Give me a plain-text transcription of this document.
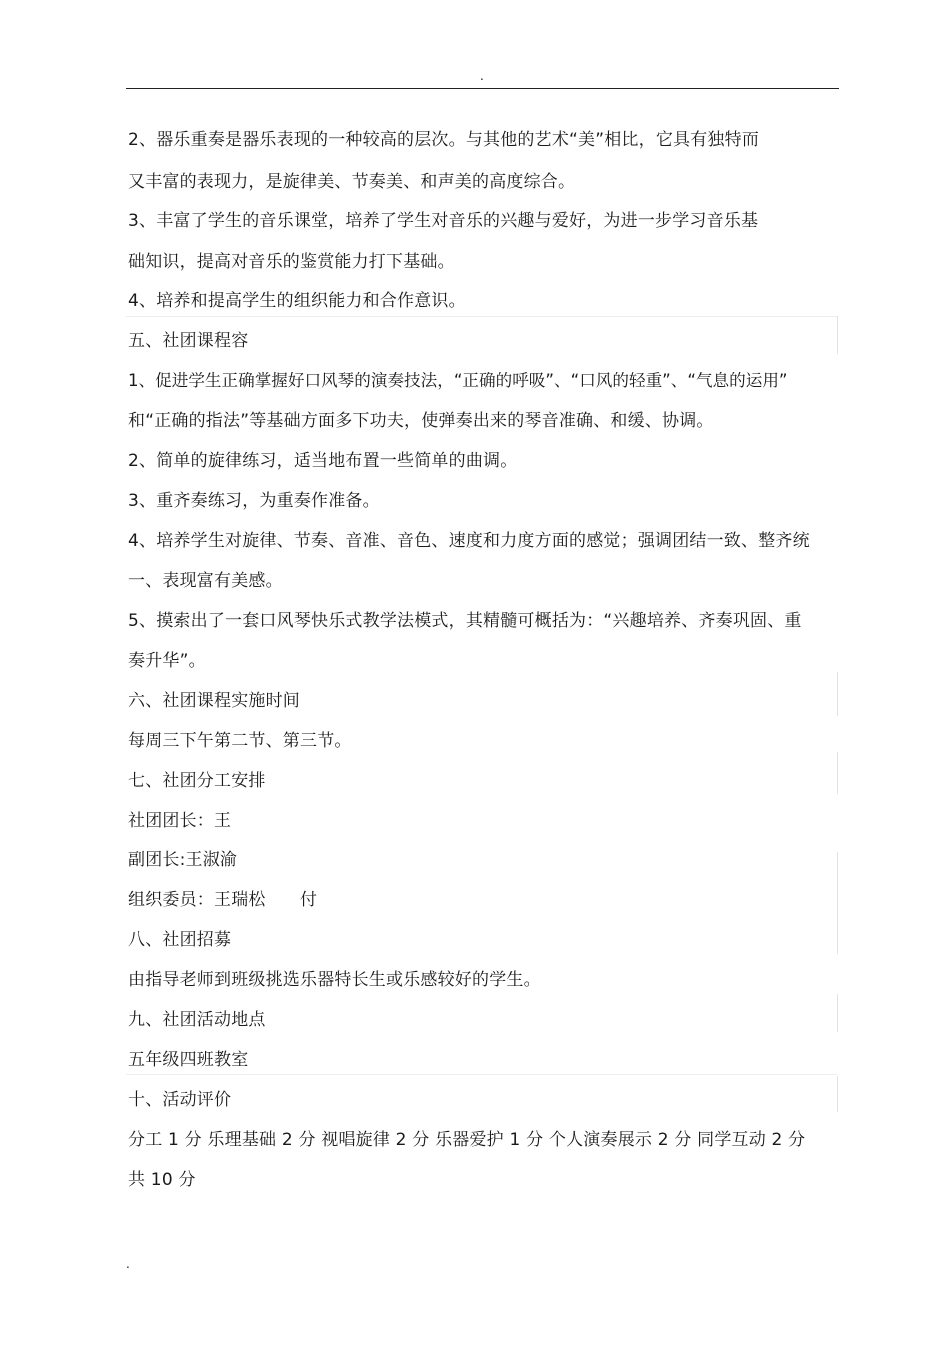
.
2、器乐重奏是器乐表现的一种较高的层次。与其他的艺术“美”相比，它具有独特而
又丰富的表现力，是旋律美、节奏美、和声美的高度综合。
3、丰富了学生的音乐课堂，培养了学生对音乐的兴趣与爱好，为进一步学习音乐基
础知识，提高对音乐的鉴赏能力打下基础。
4、培养和提高学生的组织能力和合作意识。
五、社团课程容
1、促进学生正确掌握好口风琴的演奏技法，“正确的呼吸”、“口风的轻重”、“气息的运用”
和“正确的指法”等基础方面多下功夫，使弹奏出来的琴音准确、和缓、协调。
2、简单的旋律练习，适当地布置一些简单的曲调。
3、重齐奏练习，为重奏作准备。
4、培养学生对旋律、节奏、音准、音色、速度和力度方面的感觉；强调团结一致、整齐统
一、表现富有美感。
5、摸索出了一套口风琴快乐式教学法模式，其精髓可概括为：“兴趣培养、齐奏巩固、重
奏升华”。
六、社团课程实施时间
每周三下午第二节、第三节。
七、社团分工安排
社团团长：王
副团长:王淑渝
组织委员：王瑞松　　付
八、社团招募
由指导老师到班级挑选乐器特长生或乐感较好的学生。
九、社团活动地点
五年级四班教室
十、活动评价
分工 1 分 乐理基础 2 分 视唱旋律 2 分 乐器爱护 1 分 个人演奏展示 2 分 同学互动 2 分
共 10 分
.
